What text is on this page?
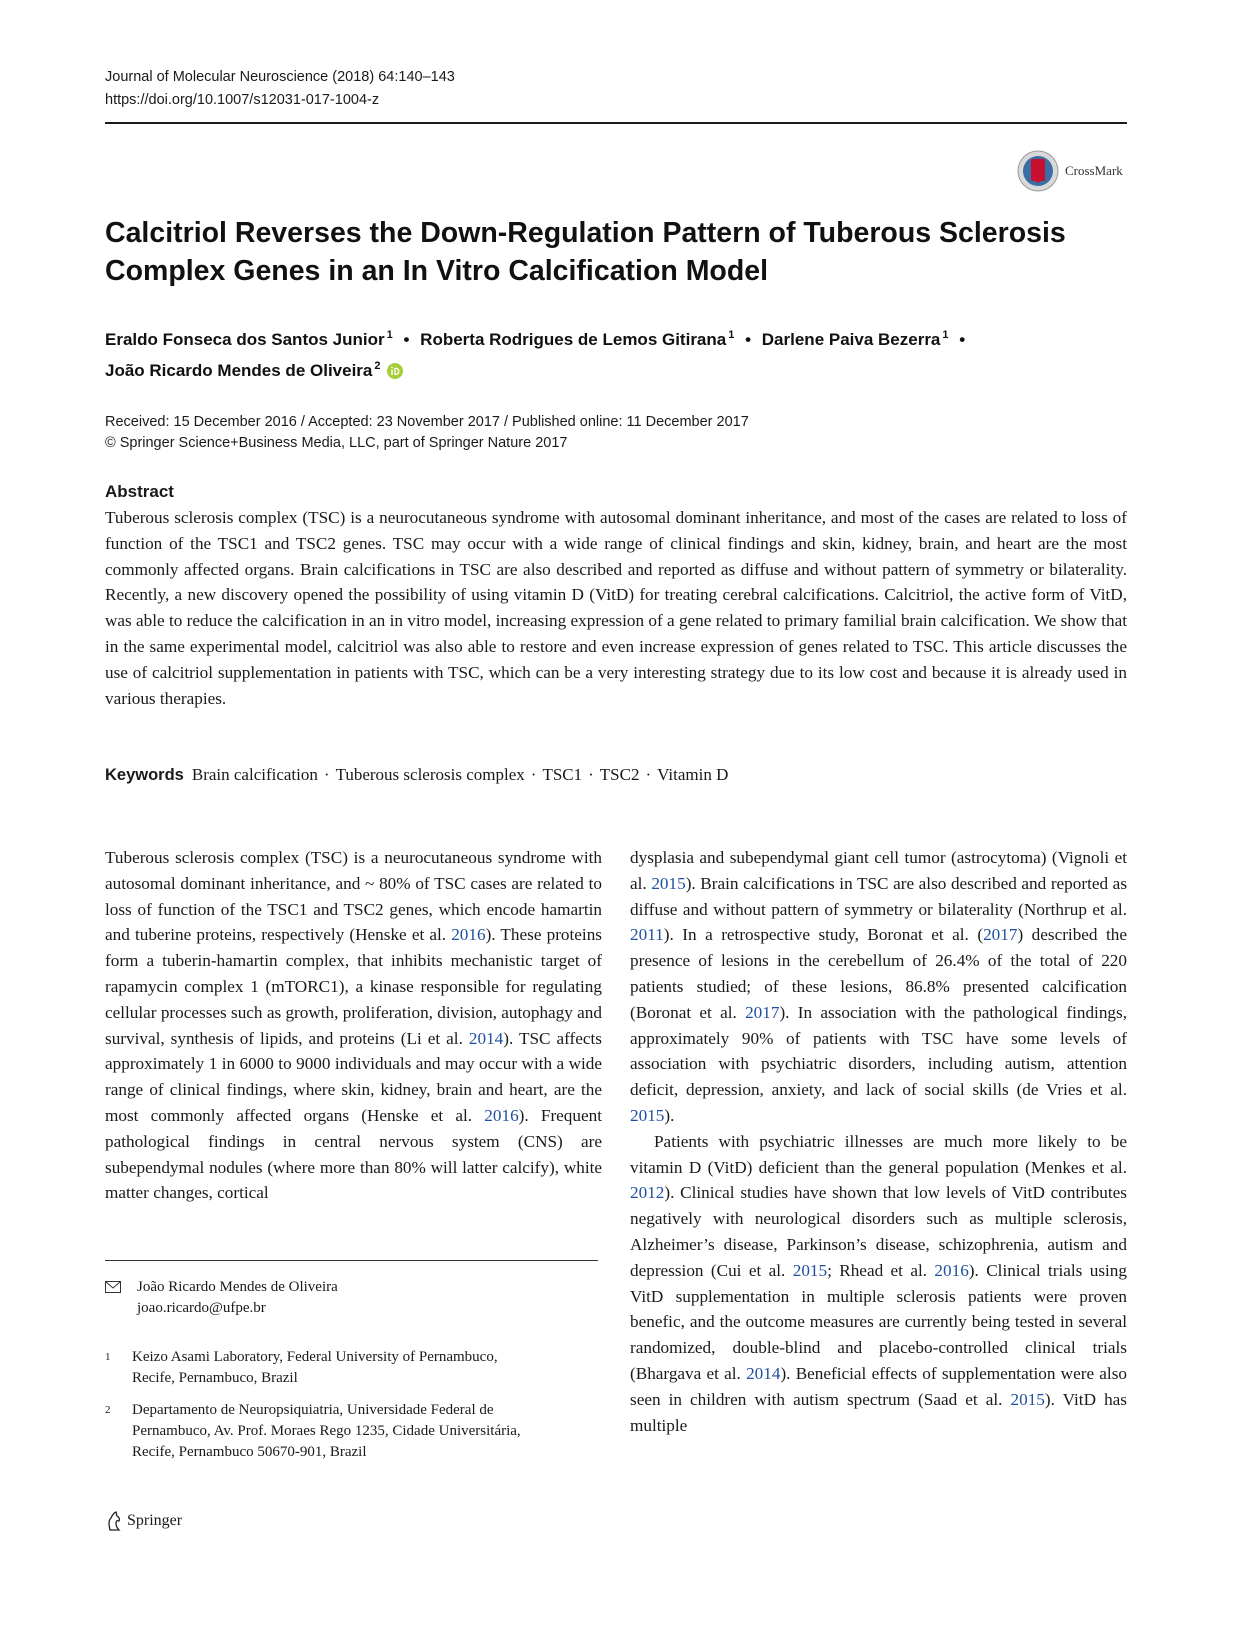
Journal of Molecular Neuroscience (2018) 64:140–143
https://doi.org/10.1007/s12031-017-1004-z
CrossMark
Calcitriol Reverses the Down-Regulation Pattern of Tuberous Sclerosis
Complex Genes in an In Vitro Calcification Model
Eraldo Fonseca dos Santos Junior $^1$ • Roberta Rodrigues de Lemos Gitirana $^1$ • Darlene Paiva Bezerra $^1$ •
João Ricardo Mendes de Oliveira $^2$
Received: 15 December 2016 / Accepted: 23 November 2017 / Published online: 11 December 2017
© Springer Science+Business Media, LLC, part of Springer Nature 2017
Abstract
Tuberous sclerosis complex (TSC) is a neurocutaneous syndrome with autosomal dominant inheritance, and most of the cases are related to loss of function of the TSC1 and TSC2 genes. TSC may occur with a wide range of clinical findings and skin, kidney, brain, and heart are the most commonly affected organs. Brain calcifications in TSC are also described and reported as diffuse and without pattern of symmetry or bilaterality. Recently, a new discovery opened the possibility of using vitamin D (VitD) for treating cerebral calcifications. Calcitriol, the active form of VitD, was able to reduce the calcification in an in vitro model, increasing expression of a gene related to primary familial brain calcification. We show that in the same experimental model, calcitriol was also able to restore and even increase expression of genes related to TSC. This article discusses the use of calcitriol supplementation in patients with TSC, which can be a very interesting strategy due to its low cost and because it is already used in various therapies.
Keywords Brain calcification · Tuberous sclerosis complex · TSC1 · TSC2 · Vitamin D

Tuberous sclerosis complex (TSC) is a neurocutaneous syndrome with autosomal dominant inheritance, and ~ 80% of TSC cases are related to loss of function of the TSC1 and TSC2 genes, which encode hamartin and tuberine proteins, respectively (Henske et al. 2016). These proteins form a tuberin-hamartin complex, that inhibits mechanistic target of rapamycin complex 1 (mTORC1), a kinase responsible for regulating cellular processes such as growth, proliferation, division, autophagy and survival, synthesis of lipids, and proteins (Li et al. 2014). TSC affects approximately 1 in 6000 to 9000 individuals and may occur with a wide range of clinical findings, where skin, kidney, brain and heart, are the most commonly affected organs (Henske et al. 2016). Frequent pathological findings in central nervous system (CNS) are subependymal nodules (where more than 80% will latter calcify), white matter changes, cortical

dysplasia and subependymal giant cell tumor (astrocytoma) (Vignoli et al. 2015). Brain calcifications in TSC are also described and reported as diffuse and without pattern of symmetry or bilaterality (Northrup et al. 2011). In a retrospective study, Boronat et al. (2017) described the presence of lesions in the cerebellum of 26.4% of the total of 220 patients studied; of these lesions, 86.8% presented calcification (Boronat et al. 2017). In association with the pathological findings, approximately 90% of patients with TSC have some levels of association with psychiatric disorders, including autism, attention deficit, depression, anxiety, and lack of social skills (de Vries et al. 2015).

Patients with psychiatric illnesses are much more likely to be vitamin D (VitD) deficient than the general population (Menkes et al. 2012). Clinical studies have shown that low levels of VitD contributes negatively with neurological disorders such as multiple sclerosis, Alzheimer’s disease, Parkinson’s disease, schizophrenia, autism and depression (Cui et al. 2015; Rhead et al. 2016). Clinical trials using VitD supplementation in multiple sclerosis patients were proven benefic, and the outcome measures are currently being tested in several randomized, double-blind and placebo-controlled clinical trials (Bhargava et al. 2014). Beneficial effects of supplementation were also seen in children with autism spectrum (Saad et al. 2015). VitD has multiple

João Ricardo Mendes de Oliveira
joao.ricardo@ufpe.br
1 Keizo Asami Laboratory, Federal University of Pernambuco,
Recife, Pernambuco, Brazil
2 Departamento de Neuropsiquiatria, Universidade Federal de
Pernambuco, Av. Prof. Moraes Rego 1235, Cidade Universitária,
Recife, Pernambuco 50670-901, Brazil
Springer
